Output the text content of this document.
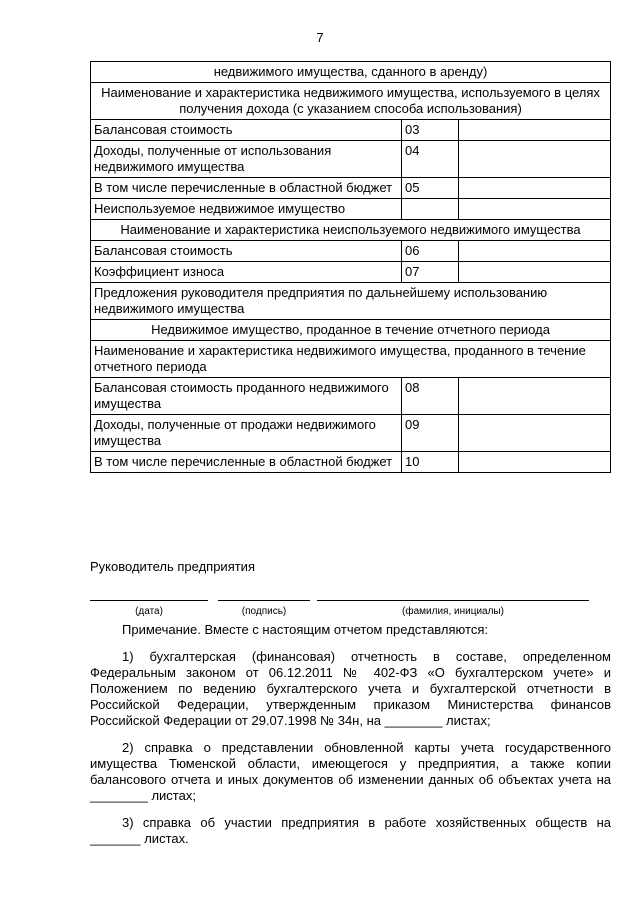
7
недвижимого имущества, сданного в аренду)		
Наименование и характеристика недвижимого имущества, используемого в целях получения дохода (с указанием способа использования)		
Балансовая стоимость	03	
Доходы, полученные от использования недвижимого имущества	04	
В том числе перечисленные в областной бюджет	05	
Неиспользуемое недвижимое имущество		
Наименование и характеристика неиспользуемого недвижимого имущества		
Балансовая стоимость	06	
Коэффициент износа	07	
Предложения руководителя предприятия по дальнейшему использованию недвижимого имущества		
Недвижимое имущество, проданное в течение отчетного периода		
Наименование и характеристика недвижимого имущества, проданного в течение отчетного периода		
Балансовая стоимость проданного недвижимого имущества	08	
Доходы, полученные от продажи недвижимого имущества	09	
В том числе перечисленные в областной бюджет	10	
Руководитель предприятия
(дата)	(подпись)	(фамилия, инициалы)

Примечание. Вместе с настоящим отчетом представляются:

1) бухгалтерская (финансовая) отчетность в составе, определенном Федеральным законом от 06.12.2011 № 402-ФЗ «О бухгалтерском учете» и Положением по ведению бухгалтерского учета и бухгалтерской отчетности в Российской Федерации, утвержденным приказом Министерства финансов Российской Федерации от 29.07.1998 № 34н, на ________ листах;

2) справка о представлении обновленной карты учета государственного имущества Тюменской области, имеющегося у предприятия, а также копии балансового отчета и иных документов об изменении данных об объектах учета на ________ листах;

3) справка об участии предприятия в работе хозяйственных обществ на _______ листах.
